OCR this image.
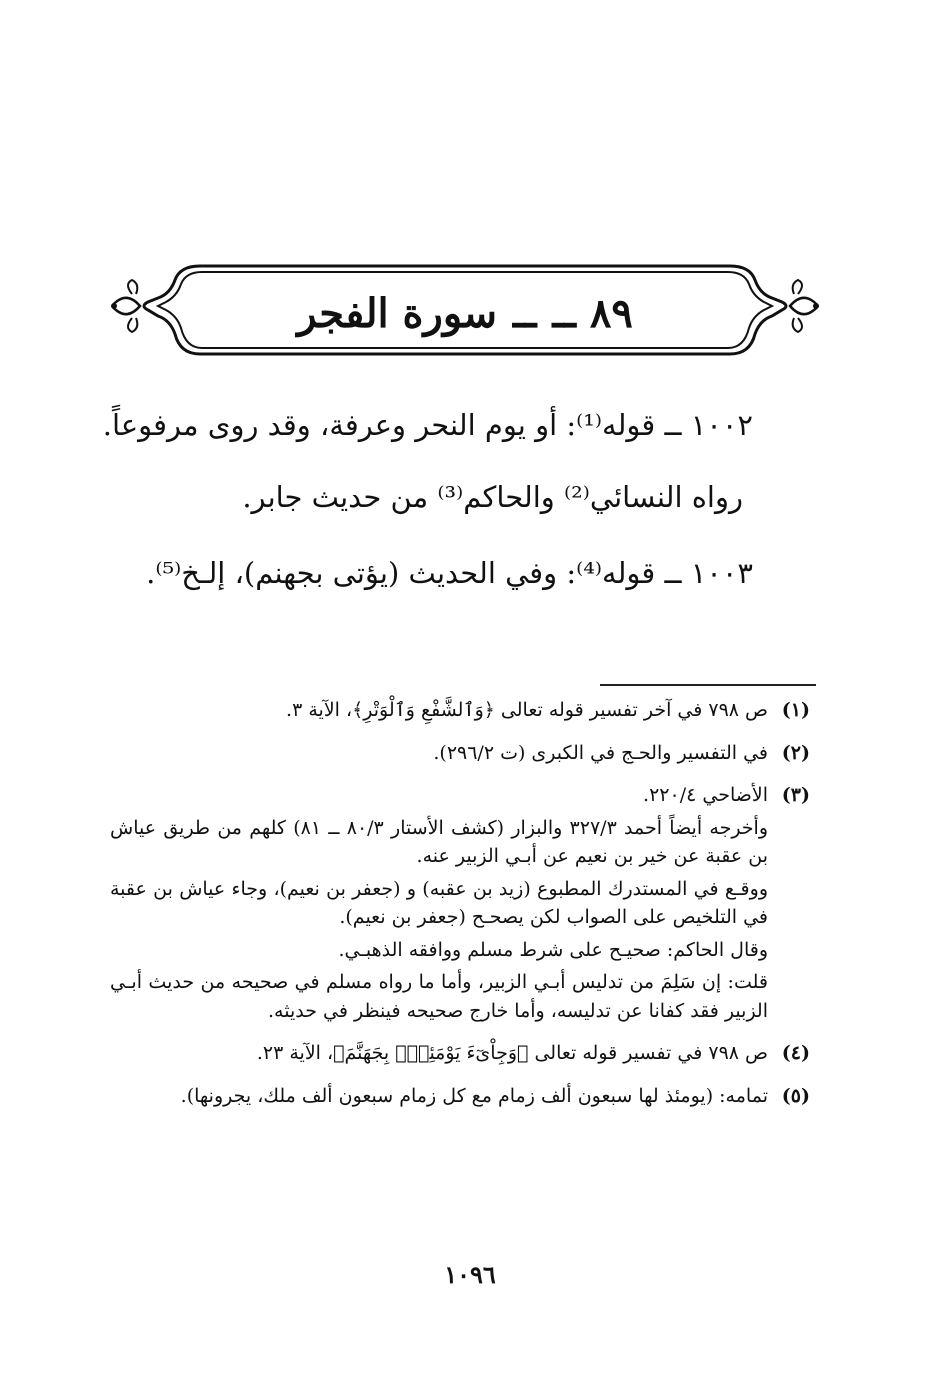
٨٩ ــ
ــ
سورة الفجر
١٠٠٢ ــ قوله⁽¹⁾: أو يوم النحر وعرفة، وقد روى مرفوعاً.
رواه النسائي⁽²⁾ والحاكم⁽³⁾ من حديث جابر.
١٠٠٣ ــ قوله⁽⁴⁾: وفي الحديث (يؤتى بجهنم)، إلـخ⁽⁵⁾.
(١)
ص ٧٩٨ في آخر تفسير قوله تعالى ﴿وَٱلشَّفْعِ وَٱلْوَتْرِ﴾، الآية ٣.
(٢)
في التفسير والحـج في الكبرى (ت ٢٩٦/٢).
(٣)
الأضاحي ٢٢٠/٤.
وأخرجه أيضاً أحمد ٣٢٧/٣ والبزار (كشف الأستار ٨٠/٣ ــ ٨١) كلهم من طريق عياش بن عقبة عن خير بن نعيم عن أبـي الزبير عنه.
ووقـع في المستدرك المطبوع (زيد بن عقبه) و (جعفر بن نعيم)، وجاء عياش بن عقبة في التلخيص على الصواب لكن يصحـح (جعفر بن نعيم).
وقال الحاكم: صحيـح على شرط مسلم ووافقه الذهبـي.
قلت: إن سَلِمَ من تدليس أبـي الزبير، وأما ما رواه مسلم في صحيحه من حديث أبـي الزبير فقد كفانا عن تدليسه، وأما خارج صحيحه فينظر في حديثه.
(٤)
ص ٧٩٨ في تفسير قوله تعالى ﴿وَجِاْىٓءَ يَوْمَئِذٍۭ بِجَهَنَّمَ﴾، الآية ٢٣.
(٥)
تمامه: (يومئذ لها سبعون ألف زمام مع كل زمام سبعون ألف ملك، يجرونها).
١٠٩٦
